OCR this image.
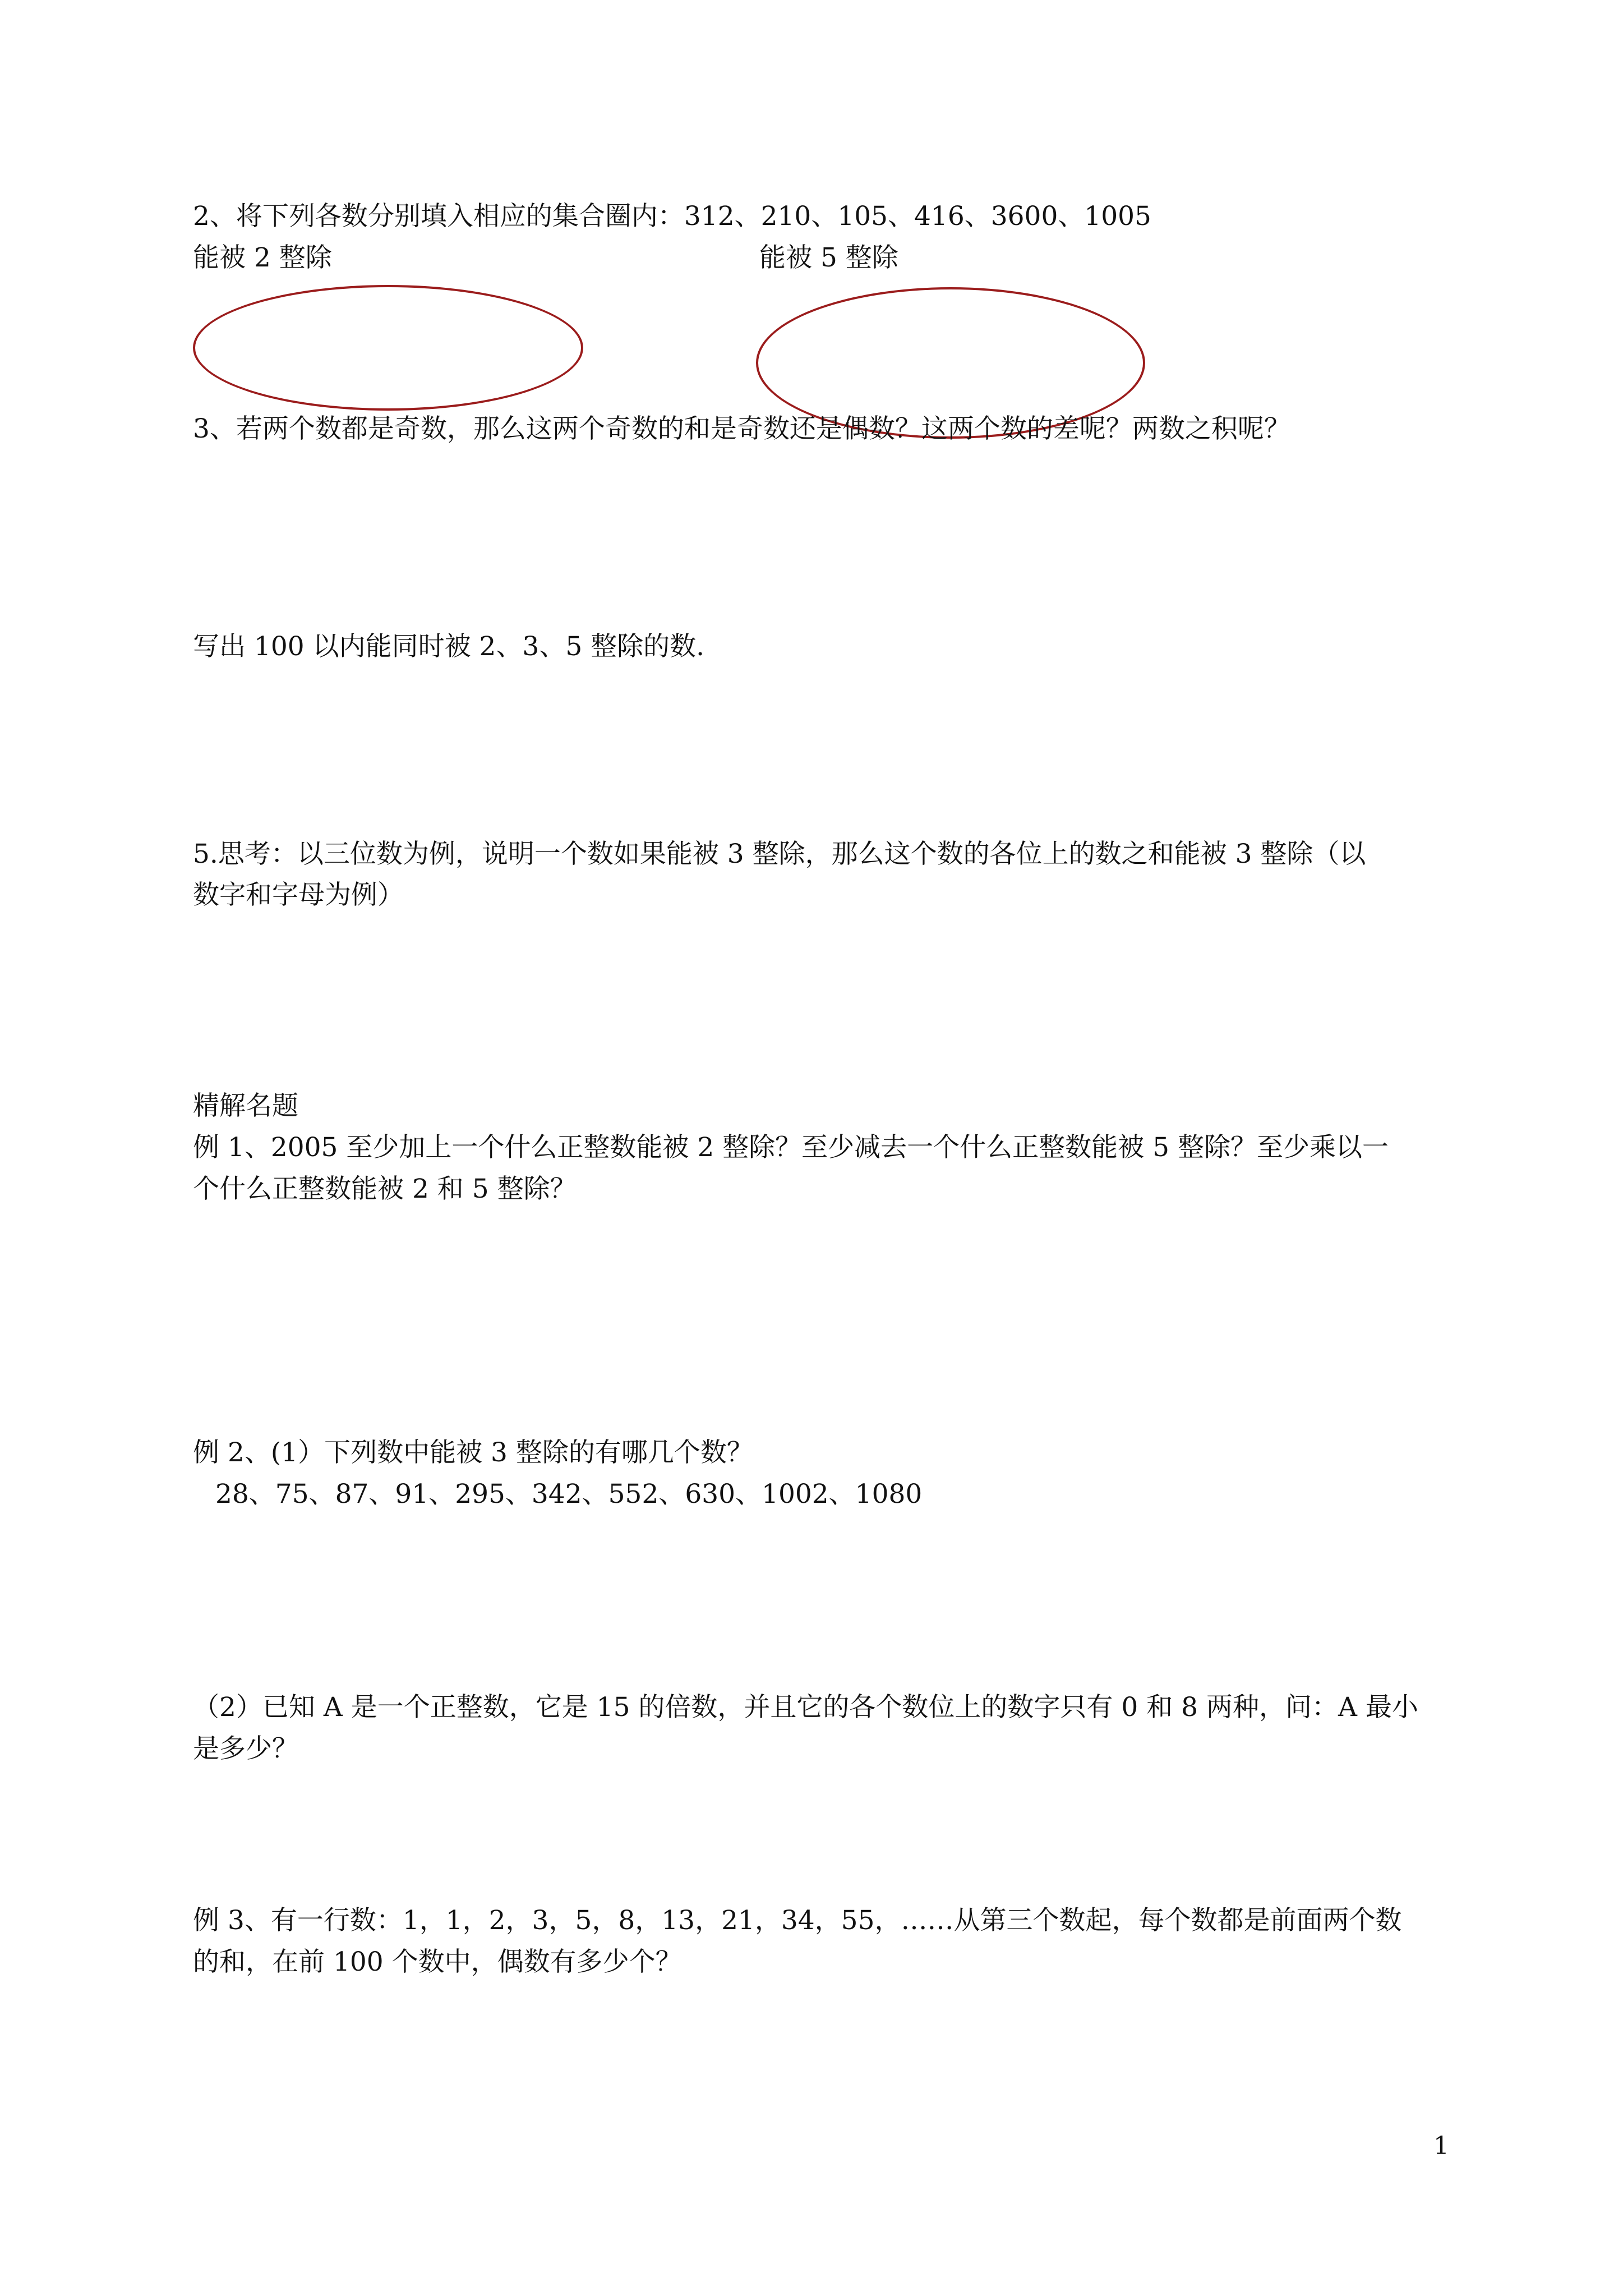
2、将下列各数分别填入相应的集合圈内：312、210、105、416、3600、1005

能被 2 整除	能被 5 整除

3、若两个数都是奇数，那么这两个奇数的和是奇数还是偶数？这两个数的差呢？两数之积呢？

写出 100 以内能同时被 2、3、5 整除的数.

5.思考：以三位数为例，说明一个数如果能被 3 整除，那么这个数的各位上的数之和能被 3 整除（以

数字和字母为例）

精解名题

例 1、2005 至少加上一个什么正整数能被 2 整除？至少减去一个什么正整数能被 5 整除？至少乘以一

个什么正整数能被 2 和 5 整除？

例 2、(1）下列数中能被 3 整除的有哪几个数？

28、75、87、91、295、342、552、630、1002、1080

（2）已知 A 是一个正整数，它是 15 的倍数，并且它的各个数位上的数字只有 0 和 8 两种，问：A 最小

是多少？

例 3、有一行数：1，1，2，3，5，8，13，21，34，55，……从第三个数起，每个数都是前面两个数

的和，在前 100 个数中，偶数有多少个？

1
